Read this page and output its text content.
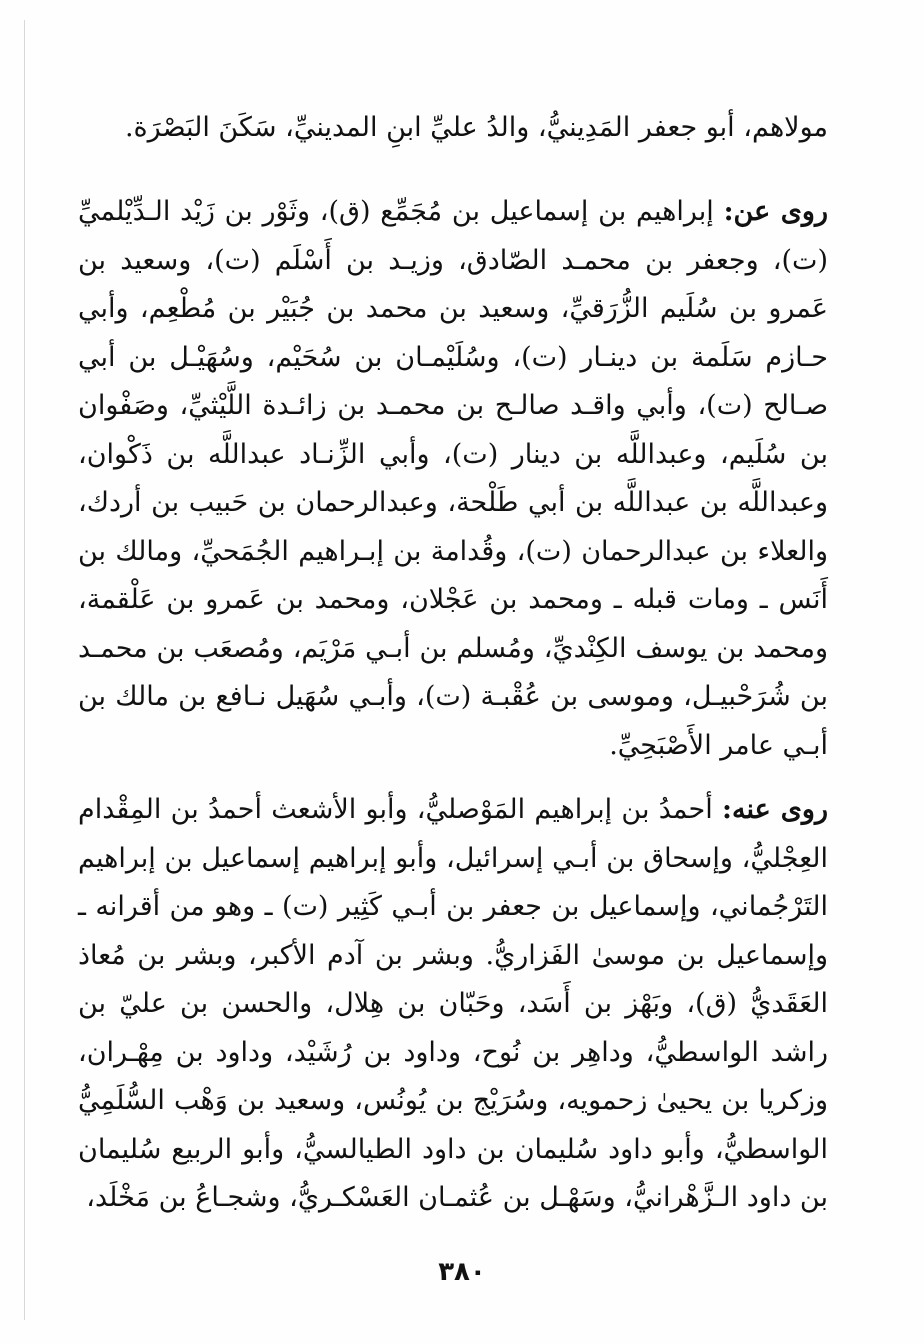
مولاهم، أبو جعفر المَدِينيُّ، والدُ عليِّ ابنِ المدينيِّ، سَكَنَ البَصْرَة.

روى عن: إبراهيم بن إسماعيل بن مُجَمِّع (ق)، وثَوْر بن زَيْد الـدِّيْلميِّ (ت)، وجعفر بن محمـد الصّادق، وزيـد بن أَسْلَم (ت)، وسعيد بن عَمرو بن سُلَيم الزُّرَقيِّ، وسعيد بن محمد بن جُبَيْر بن مُطْعِم، وأبي حـازم سَلَمة بن دينـار (ت)، وسُلَيْمـان بن سُحَيْم، وسُهَيْـل بن أبي صـالح (ت)، وأبي واقـد صالـح بن محمـد بن زائـدة اللَّيْثيِّ، وصَفْوان بن سُلَيم، وعبداللَّه بن دينار (ت)، وأبي الزِّنـاد عبداللَّه بن ذَكْوان، وعبداللَّه بن عبداللَّه بن أبي طَلْحة، وعبدالرحمان بن حَبيب بن أردك، والعلاء بن عبدالرحمان (ت)، وقُدامة بن إبـراهيم الجُمَحيِّ، ومالك بن أَنَس ـ ومات قبله ـ ومحمد بن عَجْلان، ومحمد بن عَمرو بن عَلْقمة، ومحمد بن يوسف الكِنْديِّ، ومُسلم بن أبـي مَرْيَم، ومُصعَب بن محمـد بن شُرَحْبيـل، وموسى بن عُقْبـة (ت)، وأبـي سُهَيل نـافع بن مالك بن أبـي عامر الأَصْبَحِيِّ.

روى عنه: أحمدُ بن إبراهيم المَوْصليُّ، وأبو الأشعث أحمدُ بن المِقْدام العِجْليُّ، وإسحاق بن أبـي إسرائيل، وأبو إبراهيم إسماعيل بن إبراهيم التَرْجُماني، وإسماعيل بن جعفر بن أبـي كَثِير (ت) ـ وهو من أقرانه ـ وإسماعيل بن موسىٰ الفَزاريُّ. وبشر بن آدم الأكبر، وبشر بن مُعاذ العَقَديُّ (ق)، وبَهْز بن أَسَد، وحَبّان بن هِلال، والحسن بن عليّ بن راشد الواسطيُّ، وداهِر بن نُوح، وداود بن رُشَيْد، وداود بن مِهْـران، وزكريا بن يحيىٰ زحمويه، وسُرَيْج بن يُونُس، وسعيد بن وَهْب السُّلَمِيُّ الواسطيُّ، وأبو داود سُليمان بن داود الطيالسيُّ، وأبو الربيع سُليمان بن داود الـزَّهْرانيُّ، وسَهْـل بن عُثمـان العَسْكـريُّ، وشجـاعُ بن مَخْلَد،

٣٨٠
